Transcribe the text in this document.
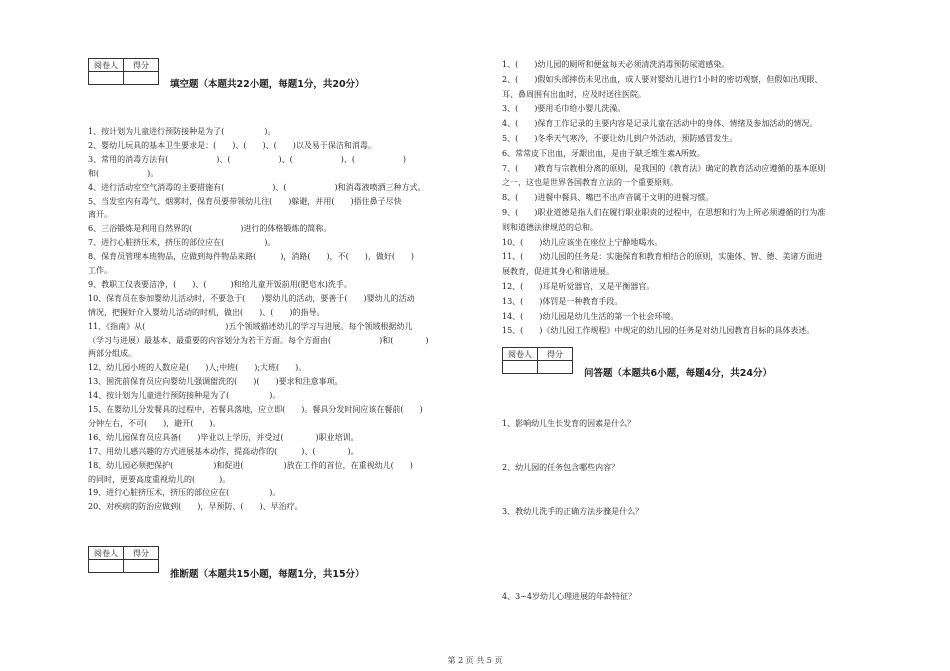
阅卷人	得分

填空题（本题共22小题，每题1分，共20分）
1、按计划为儿童进行预防接种是为了(　　　　　)。
2、婴幼儿玩具的基本卫生要求是：(　　)、(　　)、(　　)以及易于保洁和消毒。
3、常用的消毒方法有(　　　　　　)、(　　　　　　)、(　　　　　　)、(　　　　　　)
和(　　　　　　)。
4、进行活动室空气消毒的主要措施有(　　　　　　)、(　　　　　　)和消毒液喷洒三种方式。
5、当发室内有毒气、烟雾时，保育员要带领幼儿往(　　)躲避，并用(　　)捂住鼻子尽快
离开。
6、三浴锻炼是利用自然界的(　　　　　　)进行的体格锻炼的简称。
7、进行心脏挤压术，挤压的部位应在(　　　　　)。
8、保育员管理本班物品，应做到每件物品来路(　　　)，消路(　　)，不(　　)，做好(　　)
工作。
9、教职工仪表要洁净，(　　)、(　　　)和给儿童开饭前用(肥皂水)洗手。
10、保育员在参加婴幼儿活动时，不要急于(　　)婴幼儿的活动，要善于(　　)婴幼儿的活动
情况，把握好介入婴幼儿活动的时机，做出(　　)、(　　)的指导。
11、《指南》从(　　　　　　　　　　)五个领域描述幼儿的学习与进展。每个领域根据幼儿
（学习与进展）最基本、最重要的内容划分为若干方面。每个方面由(　　　　　　)和(　　　　)
两部分组成。
12、幼儿园小班的人数应是(　　)人;中班(　　);大班(　　)。
13、围洗前保育员应向婴幼儿强调盥洗的(　　)(　　)要求和注意事项。
14、按计划为儿童进行预防接种是为了(　　　　　)。
15、在婴幼儿分发餐具的过程中，若餐具落地，应立即(　　)。餐具分发时间应该在餐前(　　)
分钟左右，不可(　　)，避开(　　)。
16、幼儿园保育员应具备(　　)毕业以上学历，并受过(　　　　)职业培训。
17、用幼儿感兴趣的方式进展基本动作，提高动作的(　　　)、(　　　　)。
18、幼儿园必须把保护(　　　　　)和促进(　　　　　)放在工作的首位，在重视幼儿(　　)
的同时，更要高度重视幼儿的(　　　)。
19、进行心脏挤压术，挤压的部位应在(　　　　　)。
20、对疾病的防治应做到(　　)，早预防、(　　)、早治疗。
阅卷人	得分

推断题（本题共15小题，每题1分，共15分）
1、(　　)幼儿园的厕所和便盆每天必须清洗消毒预防尿道感染。
2、(　　)假如头部摔伤未见出血，成人要对婴幼儿进行1小时的密切观察，但假如出现眼、
耳、鼻周围有出血时，应及时送往医院。
3、(　　)要用毛巾给小婴儿洗澡。
4、(　　)保育工作记录的主要内容是记录儿童在活动中的身体、情绪及参加活动的情况。
5、(　　)冬季天气寒冷，不要让幼儿到户外活动，预防感冒发生。
6、常常皮下出血，牙龈出血，是由于缺乏维生素A所致。
7、(　　)教育与宗教相分离的原则，是我国的《教育法》确定的教育活动应遵循的基本原则
之一，这也是世界各国教育立法的一个重要原则。
8、(　　)进餐中餐具、嘴巴不出声音属于文明的进餐习惯。
9、(　　)职业道德是指人们在履行职业职责的过程中，在思想和行为上所必须遵循的行为准
则和道德法律规范的总和。
10、(　　)幼儿应该坐在座位上宁静地喝水。
11、(　　)幼儿园的任务是：实施保育和教育相结合的原则，实施体、智、德、美诸方面进
展教育，促进其身心和谐进展。
12、(　　)耳是听觉器官，又是平衡器官。
13、(　　)体罚是一种教育手段。
14、(　　)幼儿园是幼儿生活的第一个社会环境。
15、(　　)《幼儿园工作规程》中规定的幼儿园的任务是对幼儿园教育目标的具体表述。
阅卷人	得分

问答题（本题共6小题，每题4分，共24分）
1、影响幼儿生长发育的因素是什么？
2、幼儿园的任务包含哪些内容？
3、教幼儿洗手的正确方法步骤是什么？
4、3~4岁幼儿心理进展的年龄特征？
第 2 页 共 5 页
